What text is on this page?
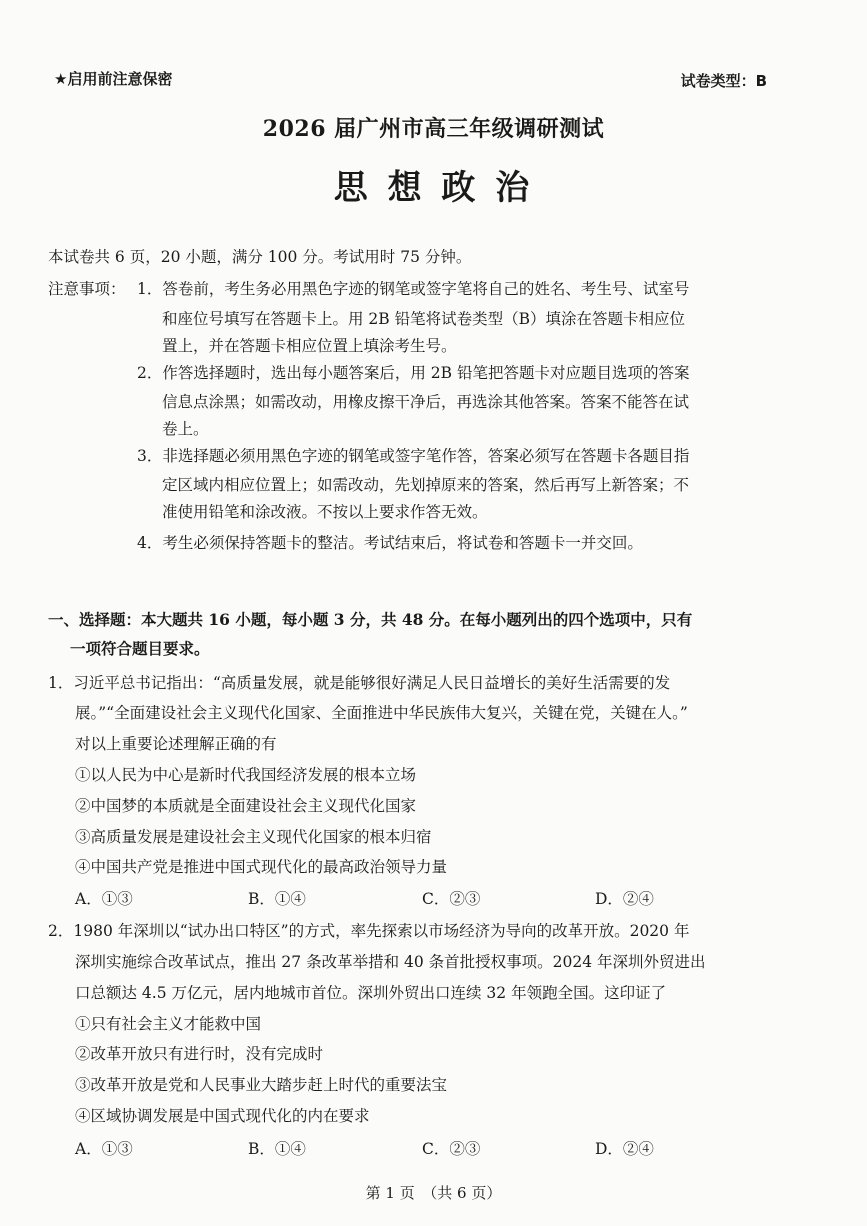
★启用前注意保密	试卷类型：B
2026 届广州市高三年级调研测试
思 想 政 治
本试卷共 6 页，20 小题，满分 100 分。考试用时 75 分钟。
注意事项： 1．答卷前，考生务必用黑色字迹的钢笔或签字笔将自己的姓名、考生号、试室号
和座位号填写在答题卡上。用 2B 铅笔将试卷类型（B）填涂在答题卡相应位
置上，并在答题卡相应位置上填涂考生号。
2．作答选择题时，选出每小题答案后，用 2B 铅笔把答题卡对应题目选项的答案
信息点涂黑；如需改动，用橡皮擦干净后，再选涂其他答案。答案不能答在试
卷上。
3．非选择题必须用黑色字迹的钢笔或签字笔作答，答案必须写在答题卡各题目指
定区域内相应位置上；如需改动，先划掉原来的答案，然后再写上新答案；不
准使用铅笔和涂改液。不按以上要求作答无效。
4．考生必须保持答题卡的整洁。考试结束后，将试卷和答题卡一并交回。
一、选择题：本大题共 16 小题，每小题 3 分，共 48 分。在每小题列出的四个选项中，只有
一项符合题目要求。
1．习近平总书记指出：“高质量发展，就是能够很好满足人民日益增长的美好生活需要的发
展。”“全面建设社会主义现代化国家、全面推进中华民族伟大复兴，关键在党，关键在人。”
对以上重要论述理解正确的有
①以人民为中心是新时代我国经济发展的根本立场
②中国梦的本质就是全面建设社会主义现代化国家
③高质量发展是建设社会主义现代化国家的根本归宿
④中国共产党是推进中国式现代化的最高政治领导力量
A．①③	B．①④	C．②③	D．②④
2．1980 年深圳以“试办出口特区”的方式，率先探索以市场经济为导向的改革开放。2020 年
深圳实施综合改革试点，推出 27 条改革举措和 40 条首批授权事项。2024 年深圳外贸进出
口总额达 4.5 万亿元，居内地城市首位。深圳外贸出口连续 32 年领跑全国。这印证了
①只有社会主义才能救中国
②改革开放只有进行时，没有完成时
③改革开放是党和人民事业大踏步赶上时代的重要法宝
④区域协调发展是中国式现代化的内在要求
A．①③	B．①④	C．②③	D．②④
第 1 页　（共 6 页）
